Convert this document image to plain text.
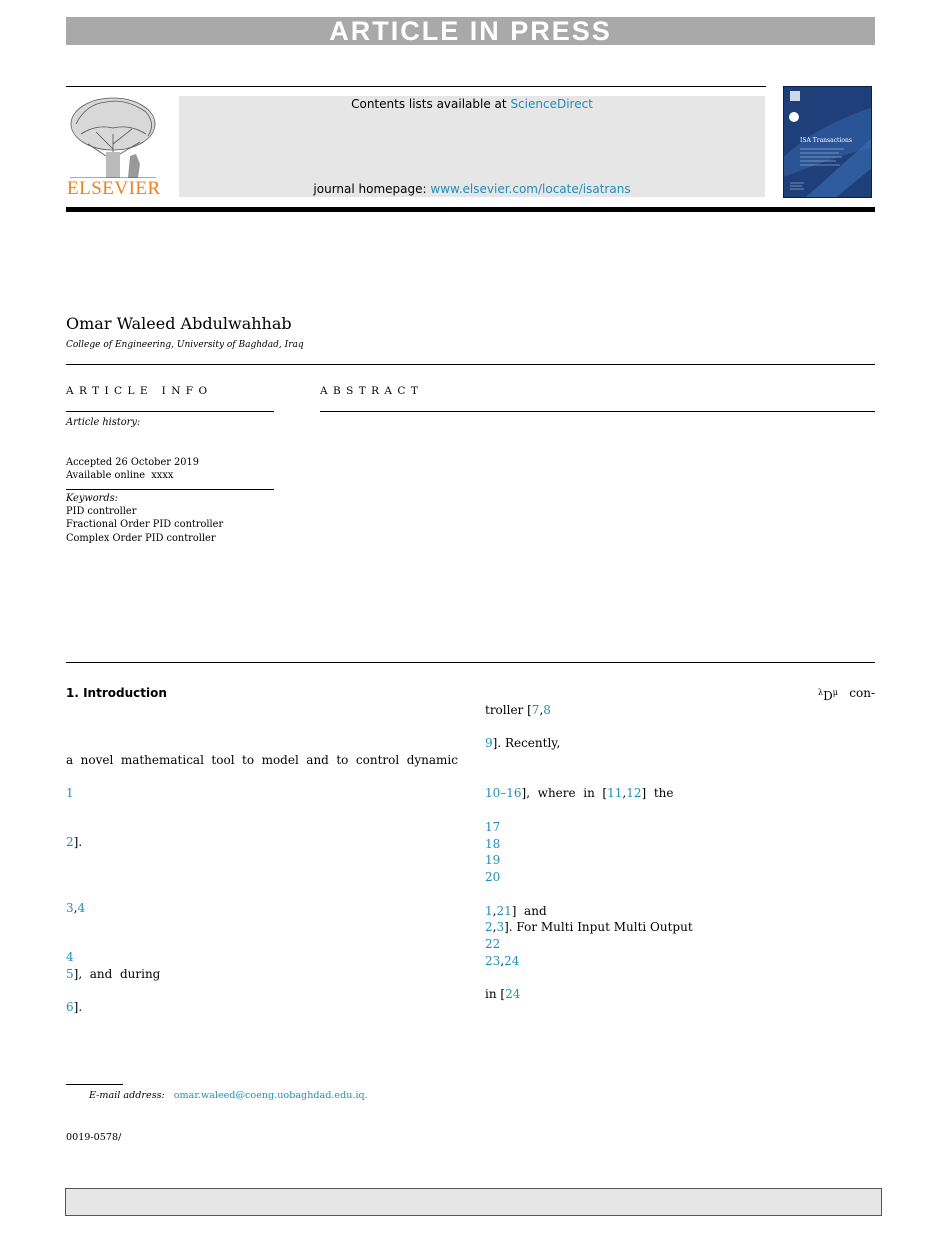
ARTICLE IN PRESS
ELSEVIER
Contents lists available at ScienceDirect
journal homepage: www.elsevier.com/locate/isatrans
ISA Transactions
Omar Waleed Abdulwahhab
College of Engineering, University of Baghdad, Iraq
ARTICLE INFO	ABSTRACT
Article history:
Accepted 26 October 2019
Available online  xxxx
Keywords:
PID controller
Fractional Order PID controller
Complex Order PID controller
1. Introduction
a novel mathematical tool to model and to control dynamic
1
2].
3,4
4
5],  and  during
6].
$^\lambda D^\mu$ con-
troller [7,8
9]. Recently,
10–16],  where  in  [11,12]  the
17
18
19
20
1,21]  and
2,3]. For Multi Input Multi Output
22
23,24
in [24
E-mail address: omar.waleed@coeng.uobaghdad.edu.iq.
0019-0578/
